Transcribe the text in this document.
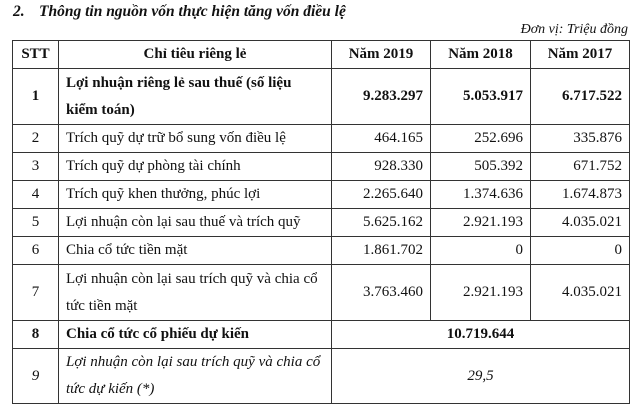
2. Thông tin nguồn vốn thực hiện tăng vốn điều lệ
Đơn vị: Triệu đồng
STT	Chỉ tiêu riêng lẻ	Năm 2019	Năm 2018	Năm 2017
1	Lợi nhuận riêng lẻ sau thuế (số liệu kiểm toán)	9.283.297	5.053.917	6.717.522
2	Trích quỹ dự trữ bổ sung vốn điều lệ	464.165	252.696	335.876
3	Trích quỹ dự phòng tài chính	928.330	505.392	671.752
4	Trích quỹ khen thưởng, phúc lợi	2.265.640	1.374.636	1.674.873
5	Lợi nhuận còn lại sau thuế và trích quỹ	5.625.162	2.921.193	4.035.021
6	Chia cổ tức tiền mặt	1.861.702	0	0
7	Lợi nhuận còn lại sau trích quỹ và chia cổ tức tiền mặt	3.763.460	2.921.193	4.035.021
8	Chia cổ tức cổ phiếu dự kiến	10.719.644		
9	Lợi nhuận còn lại sau trích quỹ và chia cổ tức dự kiến (*)	29,5		
